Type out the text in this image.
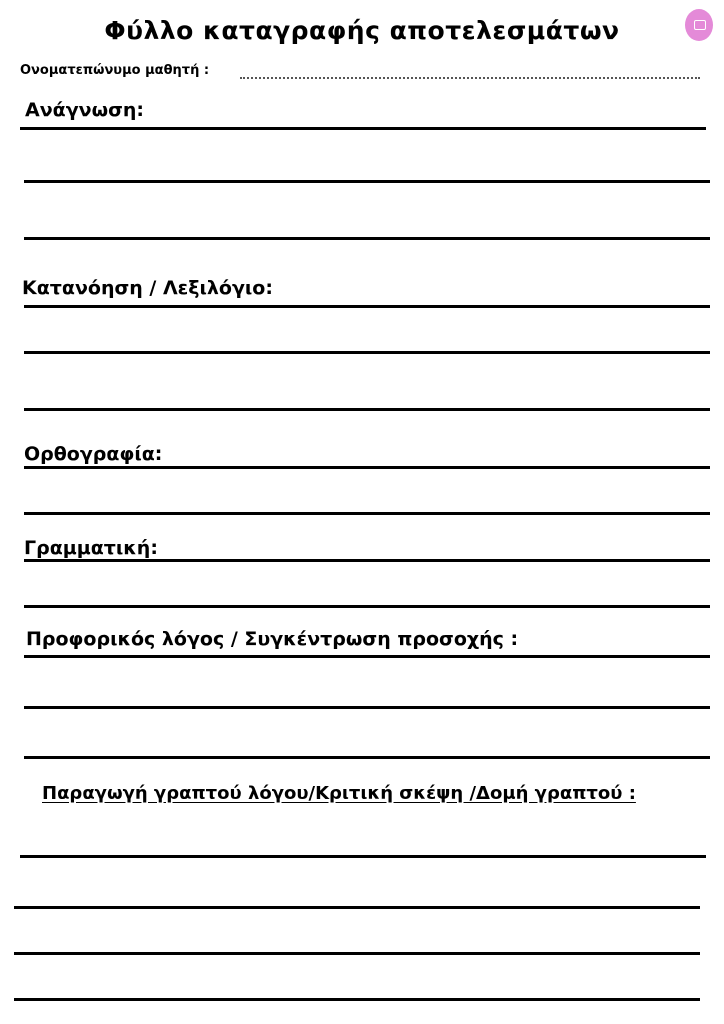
Φύλλο καταγραφής αποτελεσμάτων
Ονοματεπώνυμο μαθητή :
Ανάγνωση:
Κατανόηση / Λεξιλόγιο:
Ορθογραφία:
Γραμματική:
Προφορικός λόγος / Συγκέντρωση προσοχής :
Παραγωγή γραπτού λόγου/Κριτική σκέψη /Δομή γραπτού :
